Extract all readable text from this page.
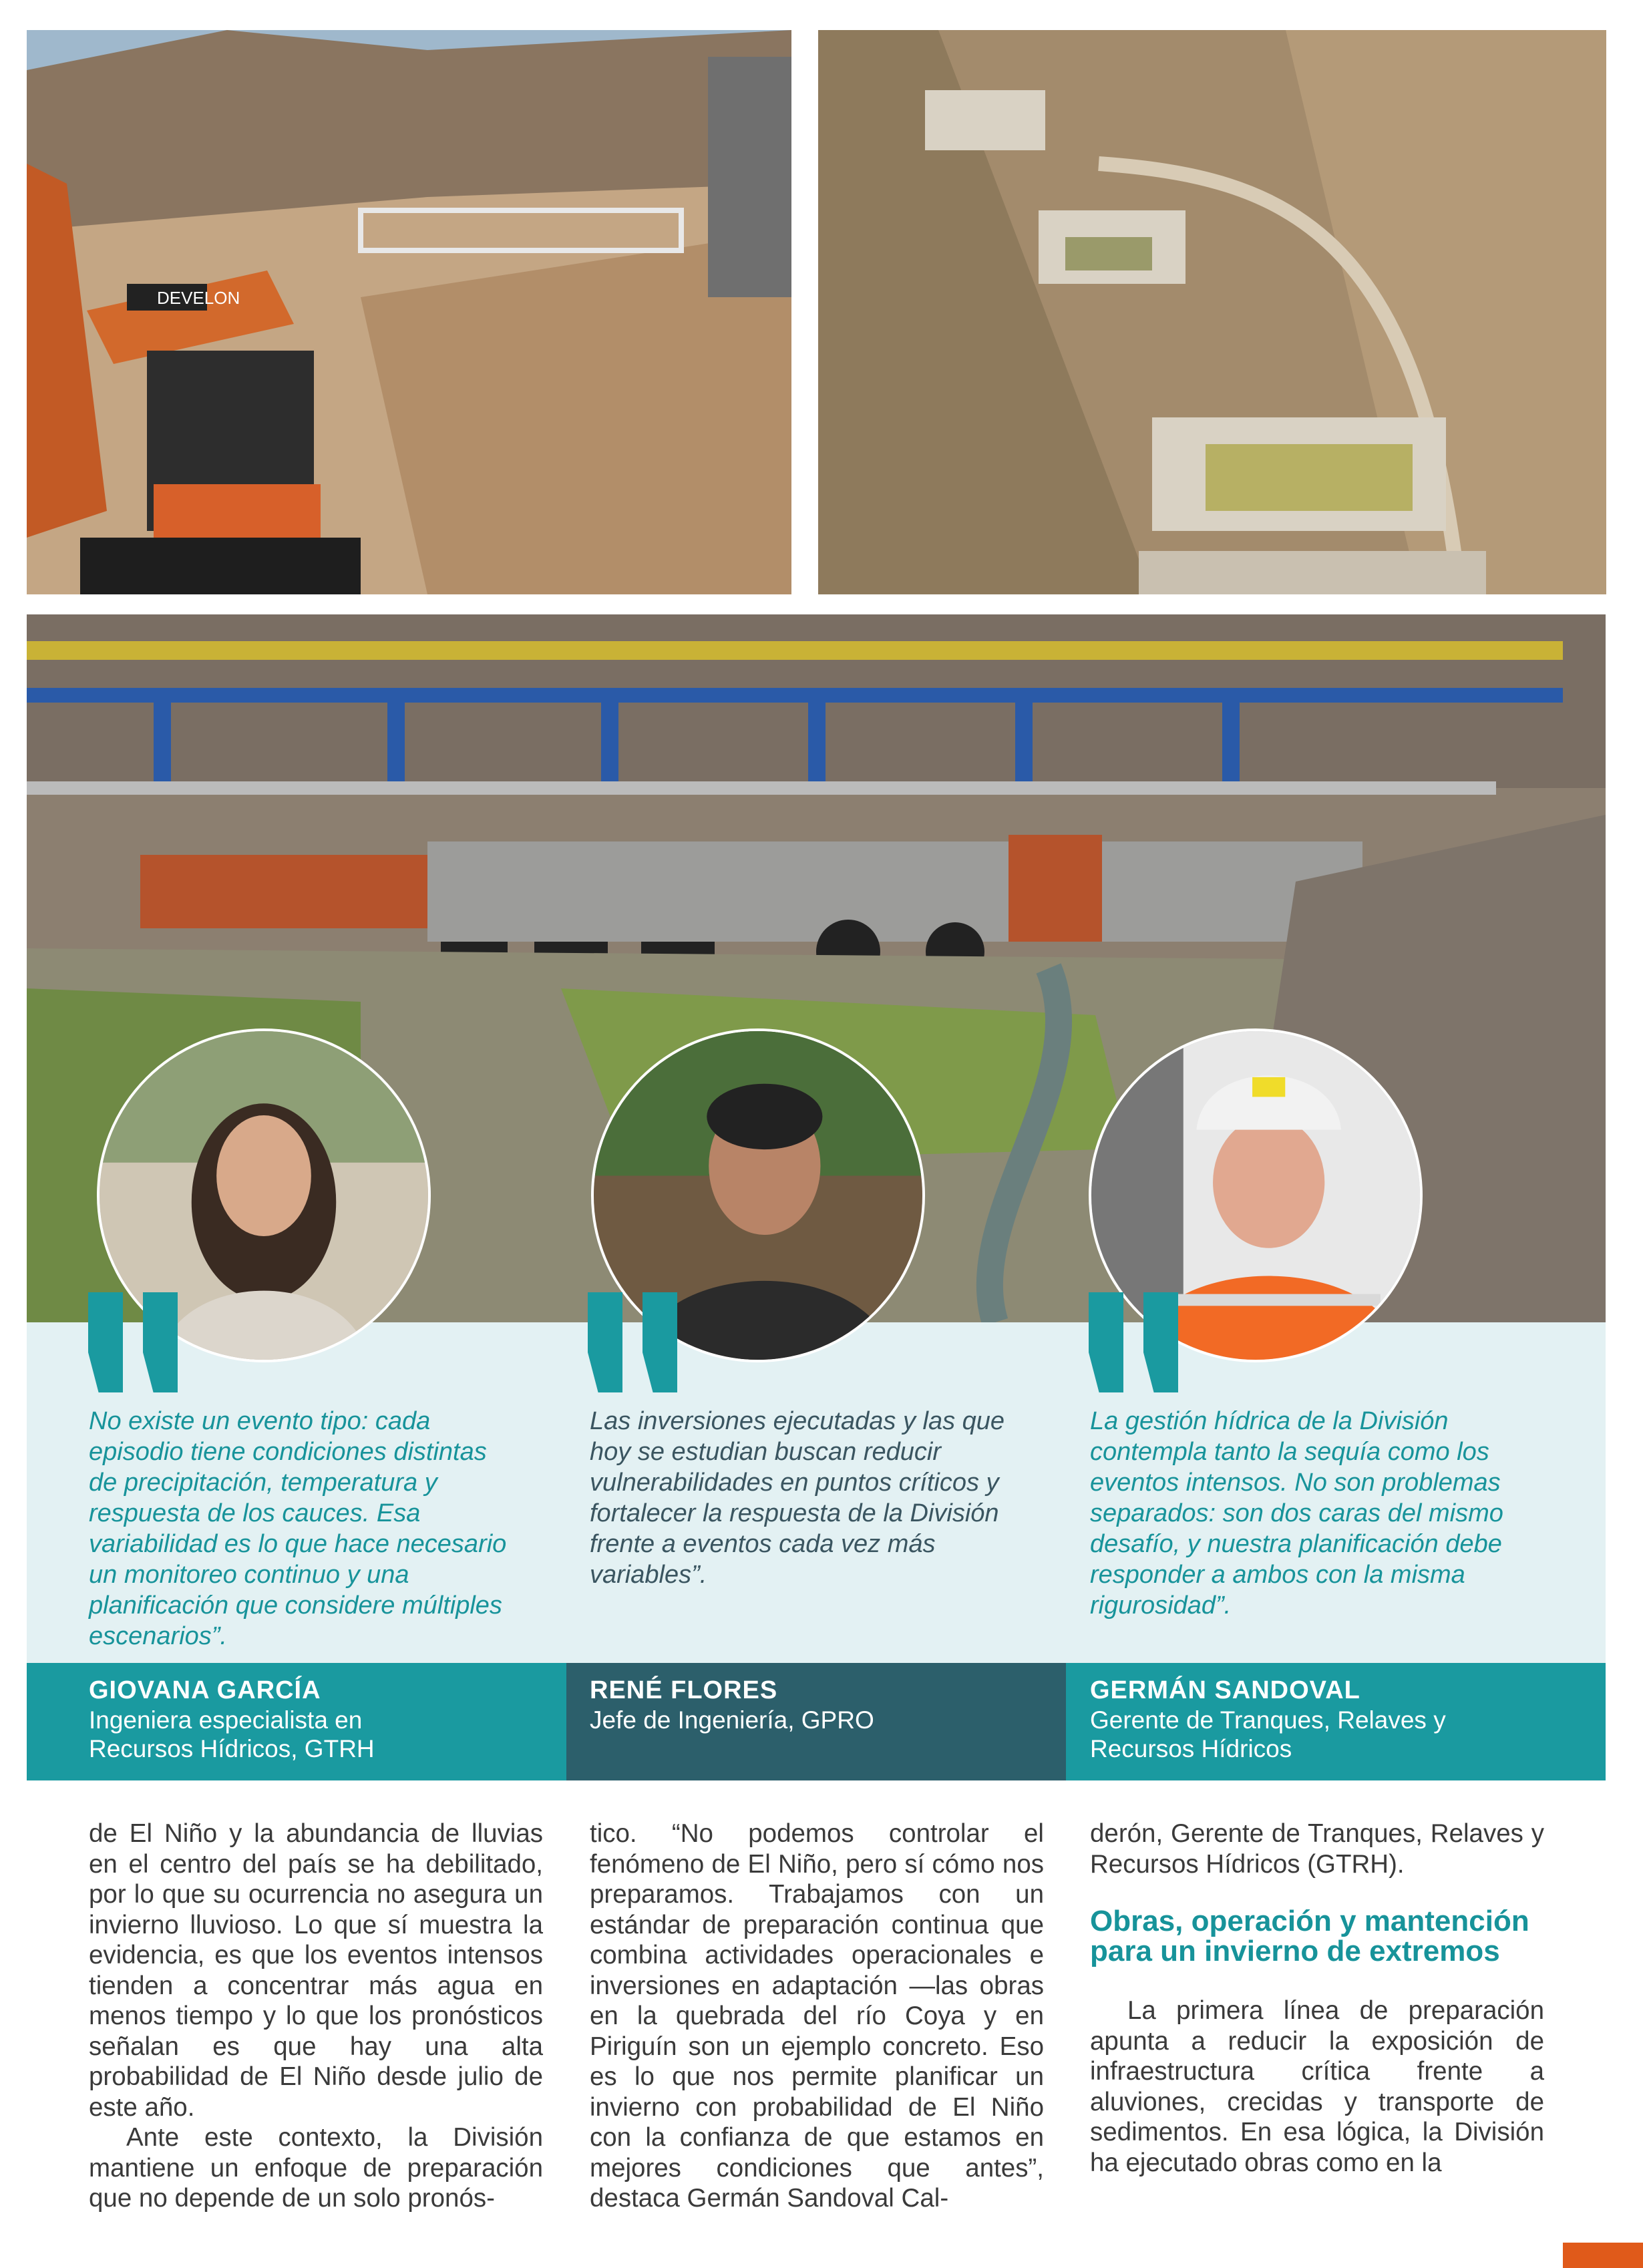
DEVELON
No existe un evento tipo: cada episodio tiene condiciones distintas de precipitación, temperatura y respuesta de los cauces. Esa variabilidad es lo que hace necesario un monitoreo continuo y una planificación que considere múltiples escenarios”.
Las inversiones ejecutadas y las que hoy se estudian buscan reducir vulnerabilidades en puntos críticos y fortalecer la respuesta de la División frente a eventos cada vez más variables”.
La gestión hídrica de la División contempla tanto la sequía como los eventos intensos. No son problemas separados: son dos caras del mismo desafío, y nuestra planificación debe responder a ambos con la misma rigurosidad”.
GIOVANA GARCÍA
Ingeniera especialista en Recursos Hídricos, GTRH
RENÉ FLORES
Jefe de Ingeniería, GPRO
GERMÁN SANDOVAL
Gerente de Tranques, Relaves y Recursos Hídricos

de El Niño y la abundancia de lluvias en el centro del país se ha debilitado, por lo que su ocurrencia no asegura un invierno lluvioso. Lo que sí muestra la evidencia, es que los eventos intensos tienden a concentrar más agua en menos tiempo y lo que los pronósticos señalan es que hay una alta probabilidad de El Niño desde julio de este año.

Ante este contexto, la División mantiene un enfoque de preparación que no depende de un solo pronós-

tico. “No podemos controlar el fenómeno de El Niño, pero sí cómo nos preparamos. Trabajamos con un estándar de preparación continua que combina actividades operacionales e inversiones en adaptación —las obras en la quebrada del río Coya y en Piriguín son un ejemplo concreto. Eso es lo que nos permite planificar un invierno con probabilidad de El Niño con la confianza de que estamos en mejores condiciones que antes”, destaca Germán Sandoval Cal-

derón, Gerente de Tranques, Relaves y Recursos Hídricos (GTRH).

Obras, operación y mantención para un invierno de extremos

La primera línea de preparación apunta a reducir la exposición de infraestructura crítica frente a aluviones, crecidas y transporte de sedimentos. En esa lógica, la División ha ejecutado obras como en la
